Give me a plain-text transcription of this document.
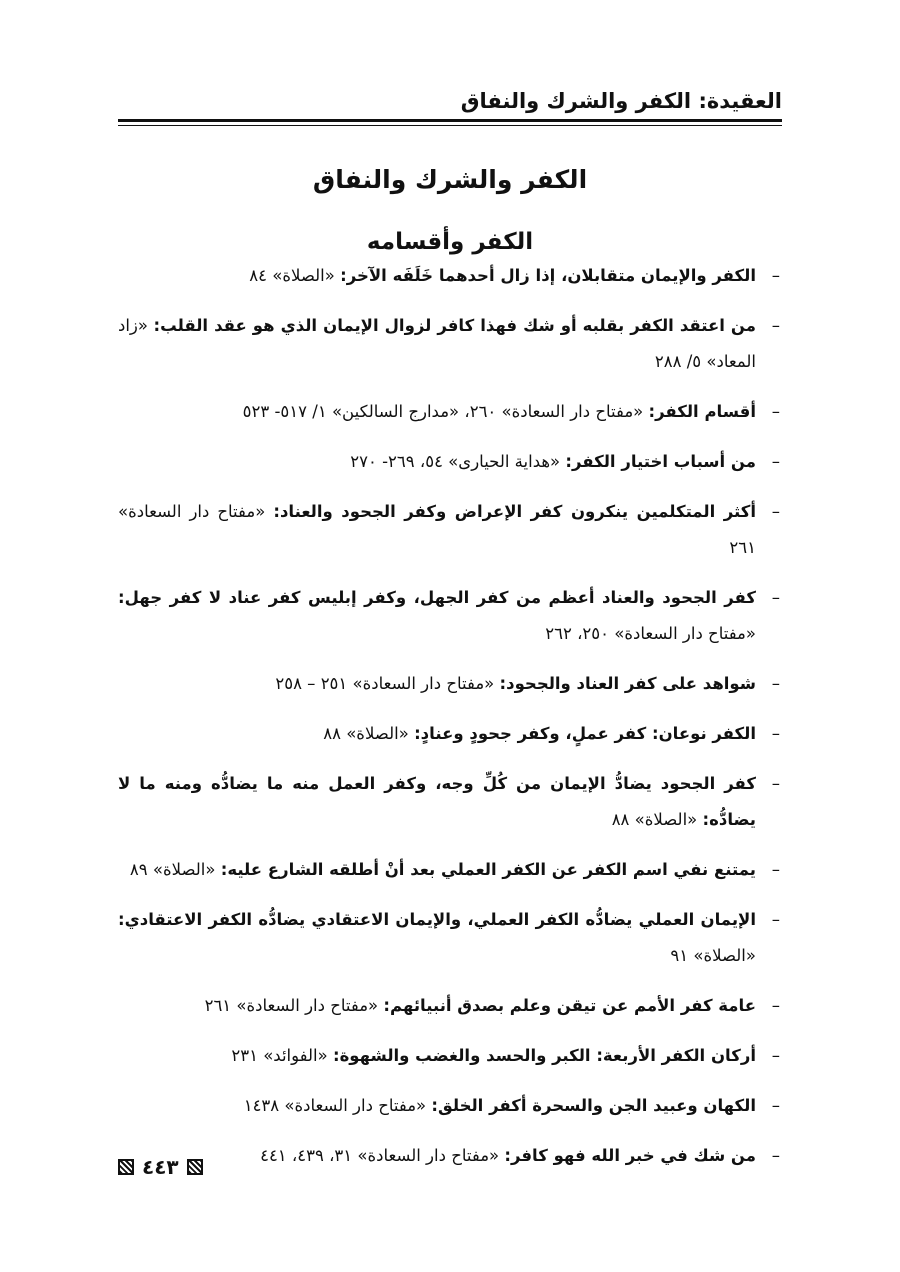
العقيدة: الكفر والشرك والنفاق
الكفر والشرك والنفاق
الكفر وأقسامه
–
الكفر والإيمان متقابلان، إذا زال أحدهما خَلَفَه الآخر: «الصلاة» ٨٤
–
من اعتقد الكفر بقلبه أو شك فهذا كافر لزوال الإيمان الذي هو عقد القلب: «زاد المعاد» ٥/ ٢٨٨
–
أقسام الكفر: «مفتاح دار السعادة» ٢٦٠، «مدارج السالكين» ١/ ٥١٧- ٥٢٣
–
من أسباب اختيار الكفر: «هداية الحيارى» ٥٤، ٢٦٩- ٢٧٠
–
أكثر المتكلمين ينكرون كفر الإعراض وكفر الجحود والعناد: «مفتاح دار السعادة» ٢٦١
–
كفر الجحود والعناد أعظم من كفر الجهل، وكفر إبليس كفر عناد لا كفر جهل: «مفتاح دار السعادة» ٢٥٠، ٢٦٢
–
شواهد على كفر العناد والجحود: «مفتاح دار السعادة» ٢٥١ – ٢٥٨
–
الكفر نوعان: كفر عملٍ، وكفر جحودٍ وعنادٍ: «الصلاة» ٨٨
–
كفر الجحود يضادُّ الإيمان من كُلِّ وجه، وكفر العمل منه ما يضادُّه ومنه ما لا يضادُّه: «الصلاة» ٨٨
–
يمتنع نفي اسم الكفر عن الكفر العملي بعد أنْ أطلقه الشارع عليه: «الصلاة» ٨٩
–
الإيمان العملي يضادُّه الكفر العملي، والإيمان الاعتقادي يضادُّه الكفر الاعتقادي: «الصلاة» ٩١
–
عامة كفر الأمم عن تيقن وعلم بصدق أنبيائهم: «مفتاح دار السعادة» ٢٦١
–
أركان الكفر الأربعة: الكبر والحسد والغضب والشهوة: «الفوائد» ٢٣١
–
الكهان وعبيد الجن والسحرة أكفر الخلق: «مفتاح دار السعادة» ١٤٣٨
–
من شك في خبر الله فهو كافر: «مفتاح دار السعادة» ٣١، ٤٣٩، ٤٤١
٤٤٣
